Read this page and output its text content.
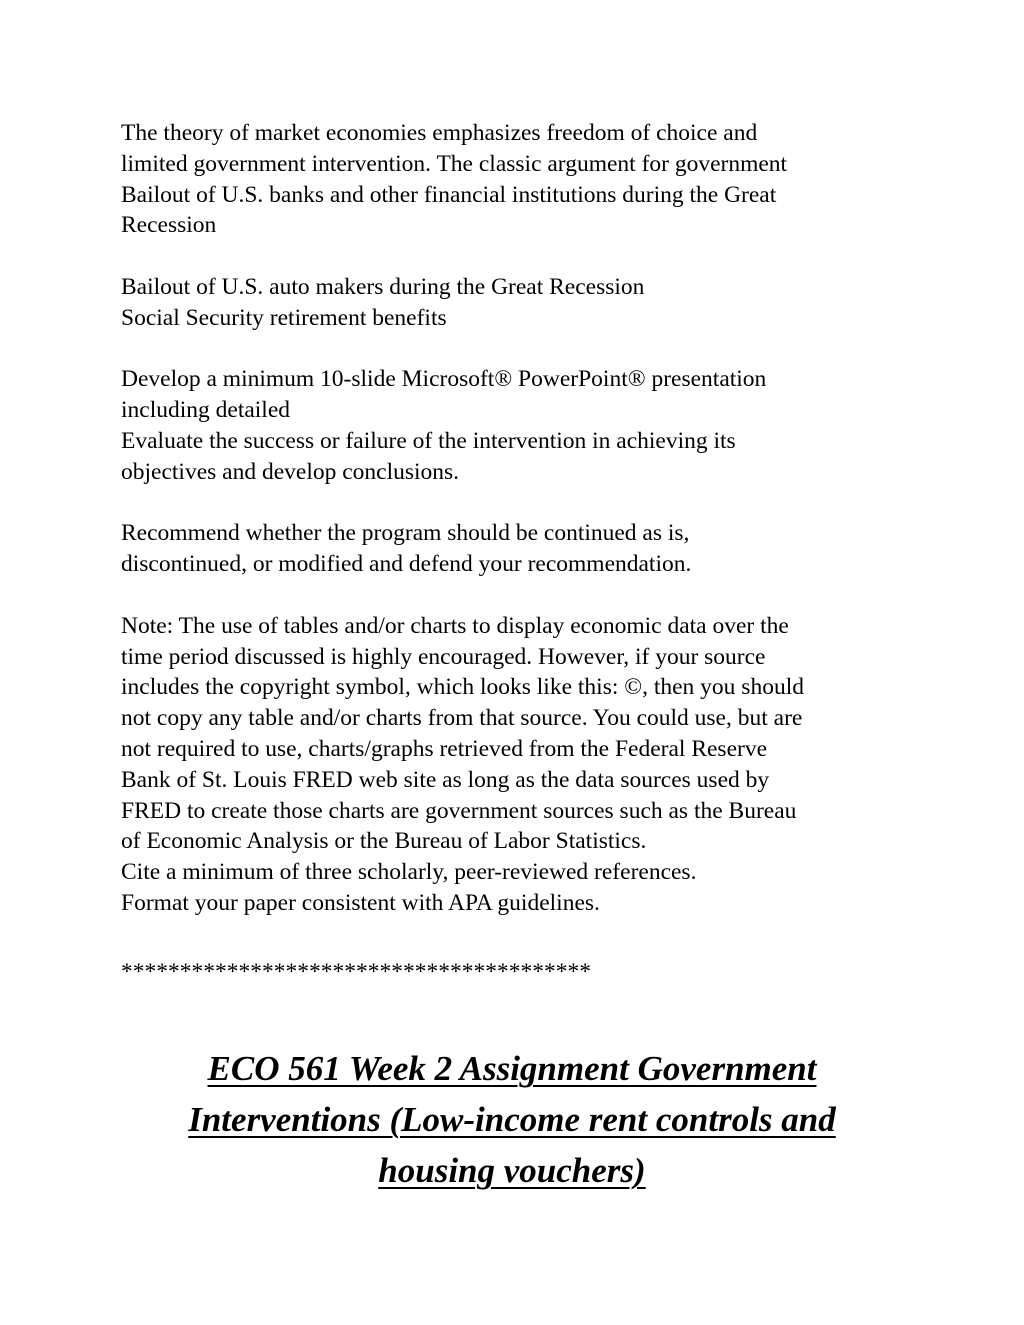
The theory of market economies emphasizes freedom of choice and
limited government intervention. The classic argument for government
Bailout of U.S. banks and other financial institutions during the Great
Recession

Bailout of U.S. auto makers during the Great Recession
Social Security retirement benefits

Develop a minimum 10-slide Microsoft® PowerPoint® presentation
including detailed
Evaluate the success or failure of the intervention in achieving its
objectives and develop conclusions.

Recommend whether the program should be continued as is,
discontinued, or modified and defend your recommendation.

Note: The use of tables and/or charts to display economic data over the
time period discussed is highly encouraged. However, if your source
includes the copyright symbol, which looks like this: ©, then you should
not copy any table and/or charts from that source. You could use, but are
not required to use, charts/graphs retrieved from the Federal Reserve
Bank of St. Louis FRED web site as long as the data sources used by
FRED to create those charts are government sources such as the Bureau
of Economic Analysis or the Bureau of Labor Statistics.
Cite a minimum of three scholarly, peer-reviewed references.
Format your paper consistent with APA guidelines.

****************************************
ECO 561 Week 2 Assignment Government
Interventions (Low-income rent controls and
housing vouchers)
